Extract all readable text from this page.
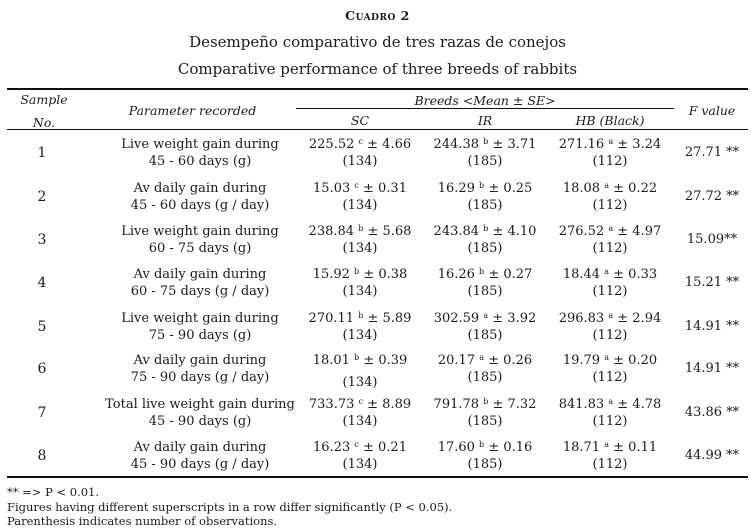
Cuadro 2
Desempeño comparativo de tres razas de conejos
Comparative performance of three breeds of rabbits
Sample
No.
Parameter recorded
Breeds <Mean ± SE>
SC	IR	HB (Black)
F value
1
Live weight gain during
45 - 60 days (g)
225.52 $^c$ ± 4.66
(134)
244.38 $^b$ ± 3.71
(185)
271.16 $^a$ ± 3.24
(112)
27.71 **
2
Av daily gain during
45 - 60 days (g / day)
15.03 $^c$ ± 0.31
(134)
16.29 $^b$ ± 0.25
(185)
18.08 $^a$ ± 0.22
(112)
27.72 **
3
Live weight gain during
60 - 75 days (g)
238.84 $^b$ ± 5.68
(134)
243.84 $^b$ ± 4.10
(185)
276.52 $^a$ ± 4.97
(112)
15.09**
4
Av daily gain during
60 - 75 days (g / day)
15.92 $^b$ ± 0.38
(134)
16.26 $^b$ ± 0.27
(185)
18.44 $^a$ ± 0.33
(112)
15.21 **
5
Live weight gain during
75 - 90 days (g)
270.11 $^b$ ± 5.89
(134)
302.59 $^a$ ± 3.92
(185)
296.83 $^a$ ± 2.94
(112)
14.91 **
6
Av daily gain during
75 - 90 days (g / day)
18.01 $^b$ ± 0.39
(134)
20.17 $^a$ ± 0.26
(185)
19.79 $^a$ ± 0.20
(112)
14.91 **
7
Total live weight gain during
45 - 90 days (g)
733.73 $^c$ ± 8.89
(134)
791.78 $^b$ ± 7.32
(185)
841.83 $^a$ ± 4.78
(112)
43.86 **
8
Av daily gain during
45 - 90 days (g / day)
16.23 $^c$ ± 0.21
(134)
17.60 $^b$ ± 0.16
(185)
18.71 $^a$ ± 0.11
(112)
44.99 **
** => P < 0.01.
Figures having different superscripts in a row differ significantly (P < 0.05).
Parenthesis indicates number of observations.
